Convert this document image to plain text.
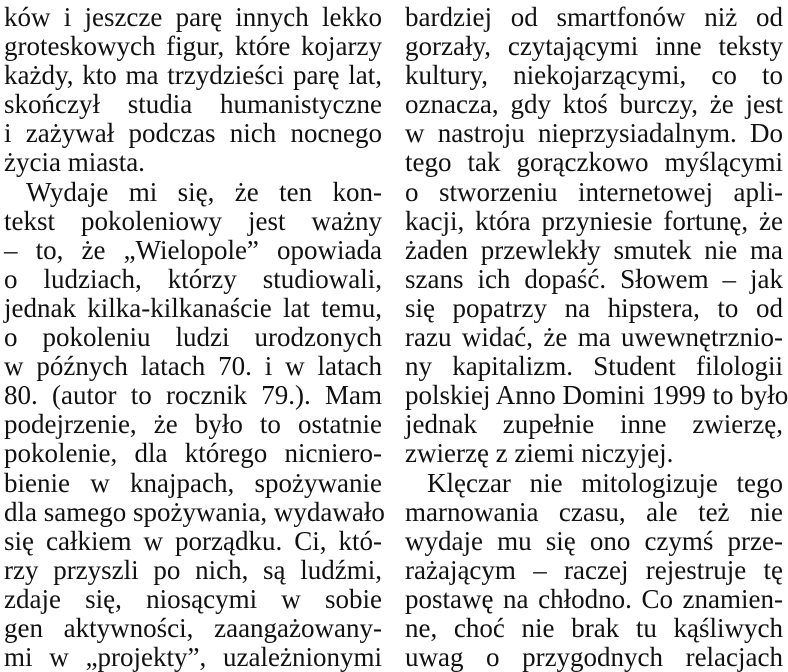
ków i jeszcze parę innych lekko
groteskowych figur, które kojarzy
każdy, kto ma trzydzieści parę lat,
skończył studia humanistyczne
i zażywał podczas nich nocnego
życia miasta.
Wydaje mi się, że ten kon-
tekst pokoleniowy jest ważny
– to, że „Wielopole” opowiada
o ludziach, którzy studiowali,
jednak kilka-kilkanaście lat temu,
o pokoleniu ludzi urodzonych
w późnych latach 70. i w latach
80. (autor to rocznik 79.). Mam
podejrzenie, że było to ostatnie
pokolenie, dla którego nicniero-
bienie w knajpach, spożywanie
dla samego spożywania, wydawało
się całkiem w porządku. Ci, któ-
rzy przyszli po nich, są ludźmi,
zdaje się, niosącymi w sobie
gen aktywności, zaangażowany-
mi w „projekty”, uzależnionymi
bardziej od smartfonów niż od
gorzały, czytającymi inne teksty
kultury, niekojarzącymi, co to
oznacza, gdy ktoś burczy, że jest
w nastroju nieprzysiadalnym. Do
tego tak gorączkowo myślącymi
o stworzeniu internetowej apli-
kacji, która przyniesie fortunę, że
żaden przewlekły smutek nie ma
szans ich dopaść. Słowem – jak
się popatrzy na hipstera, to od
razu widać, że ma uwewnętrznio-
ny kapitalizm. Student filologii
polskiej Anno Domini 1999 to było
jednak zupełnie inne zwierzę,
zwierzę z ziemi niczyjej.
Klęczar nie mitologizuje tego
marnowania czasu, ale też nie
wydaje mu się ono czymś prze-
rażającym – raczej rejestruje tę
postawę na chłodno. Co znamien-
ne, choć nie brak tu kąśliwych
uwag o przygodnych relacjach
